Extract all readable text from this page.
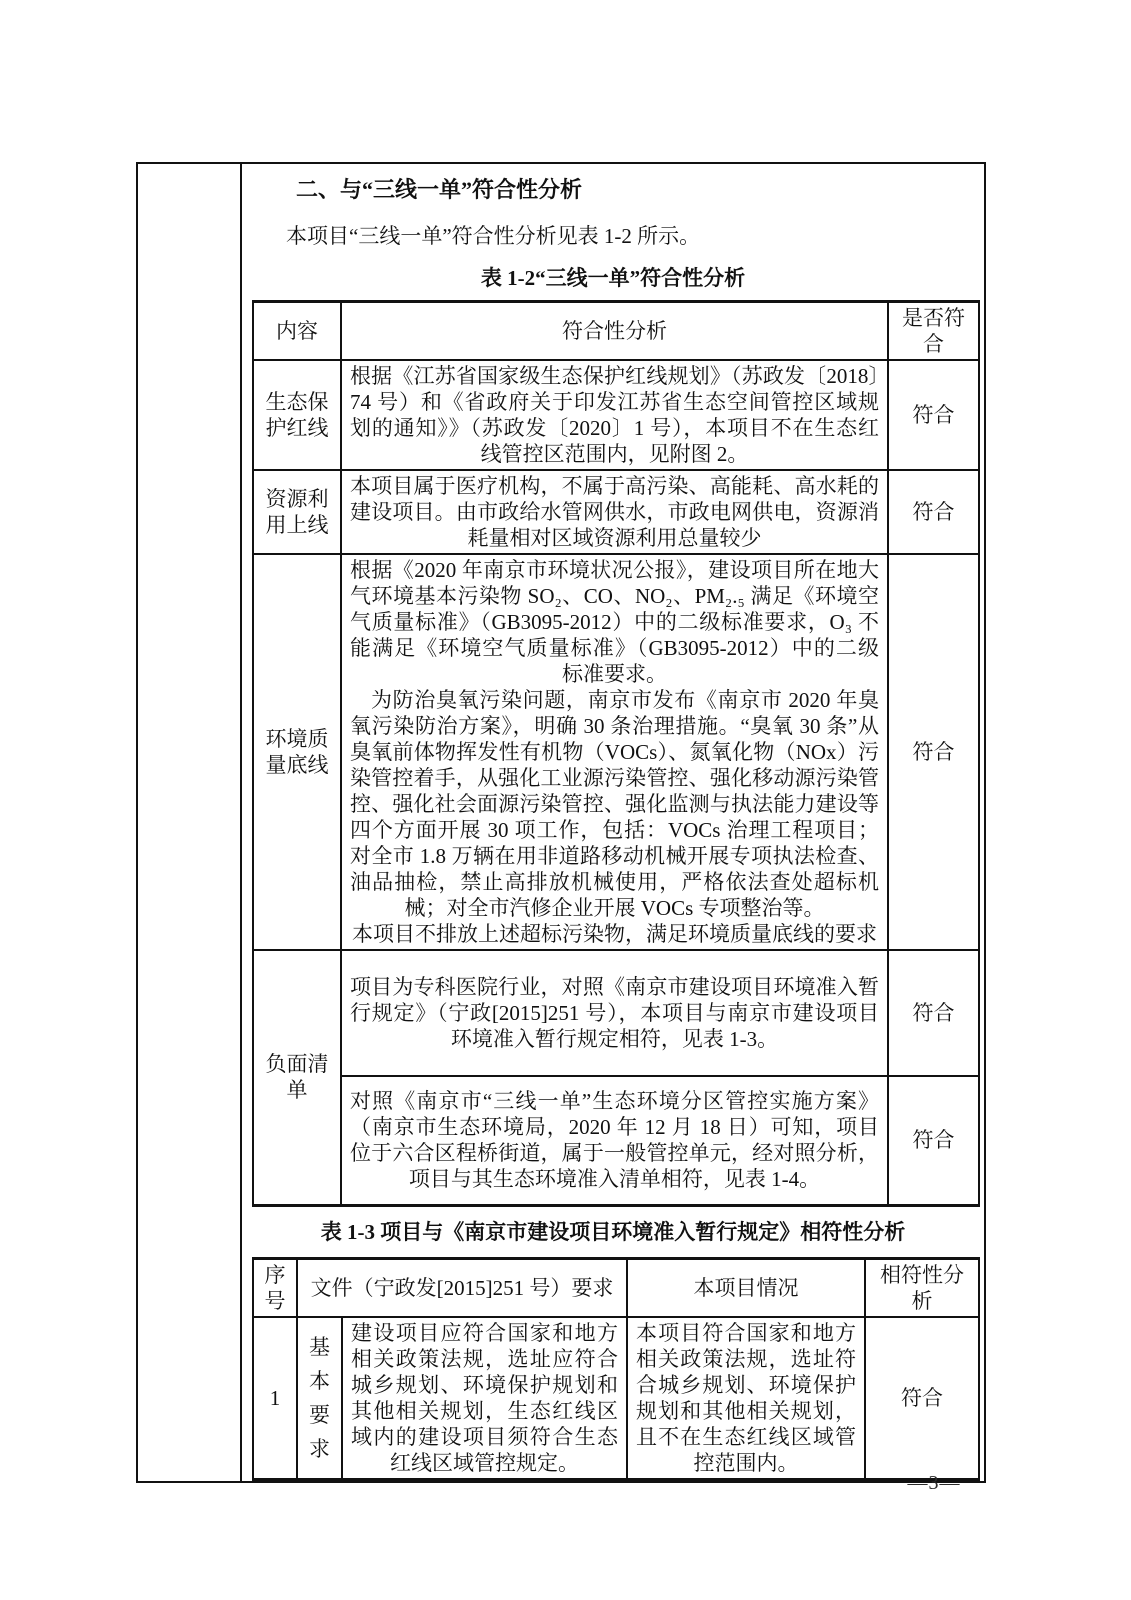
二、与“三线一单”符合性分析

本项目“三线一单”符合性分析见表 1-2 所示。

表 1-2“三线一单”符合性分析
内容	符合性分析	是否符合
生态保护红线	根据《江苏省国家级生态保护红线规划》（苏政发〔2018〕74 号）和《省政府关于印发江苏省生态空间管控区域规划的通知》》（苏政发〔2020〕1 号），本项目不在生态红线管控区范围内，见附图 2。	符合
资源利用上线	本项目属于医疗机构，不属于高污染、高能耗、高水耗的建设项目。由市政给水管网供水，市政电网供电，资源消耗量相对区域资源利用总量较少	符合
环境质量底线	根据《2020 年南京市环境状况公报》，建设项目所在地大气环境基本污染物 SO₂、CO、NO₂、PM₂.₅ 满足《环境空气质量标准》（GB3095-2012）中的二级标准要求，O₃ 不能满足《环境空气质量标准》（GB3095-2012）中的二级标准要求。

为防治臭氧污染问题，南京市发布《南京市 2020 年臭氧污染防治方案》，明确 30 条治理措施。“臭氧 30 条”从臭氧前体物挥发性有机物（VOCs）、氮氧化物（NOx）污染管控着手，从强化工业源污染管控、强化移动源污染管控、强化社会面源污染管控、强化监测与执法能力建设等四个方面开展 30 项工作，包括：VOCs 治理工程项目；对全市 1.8 万辆在用非道路移动机械开展专项执法检查、油品抽检，禁止高排放机械使用，严格依法查处超标机械；对全市汽修企业开展 VOCs 专项整治等。

本项目不排放上述超标污染物，满足环境质量底线的要求	符合
负面清单	项目为专科医院行业，对照《南京市建设项目环境准入暂行规定》（宁政[2015]251 号），本项目与南京市建设项目环境准入暂行规定相符，见表 1-3。	符合

	对照《南京市“三线一单”生态环境分区管控实施方案》（南京市生态环境局，2020 年 12 月 18 日）可知，项目位于六合区程桥街道，属于一般管控单元，经对照分析，项目与其生态环境准入清单相符，见表 1-4。	符合
表 1-3 项目与《南京市建设项目环境准入暂行规定》相符性分析
序号	文件（宁政发[2015]251 号）要求		本项目情况	相符性分析
1	基本要求	建设项目应符合国家和地方相关政策法规，选址应符合城乡规划、环境保护规划和其他相关规划，生态红线区域内的建设项目须符合生态红线区域管控规定。	本项目符合国家和地方相关政策法规，选址符合城乡规划、环境保护规划和其他相关规划，且不在生态红线区域管控范围内。	符合
—3—
